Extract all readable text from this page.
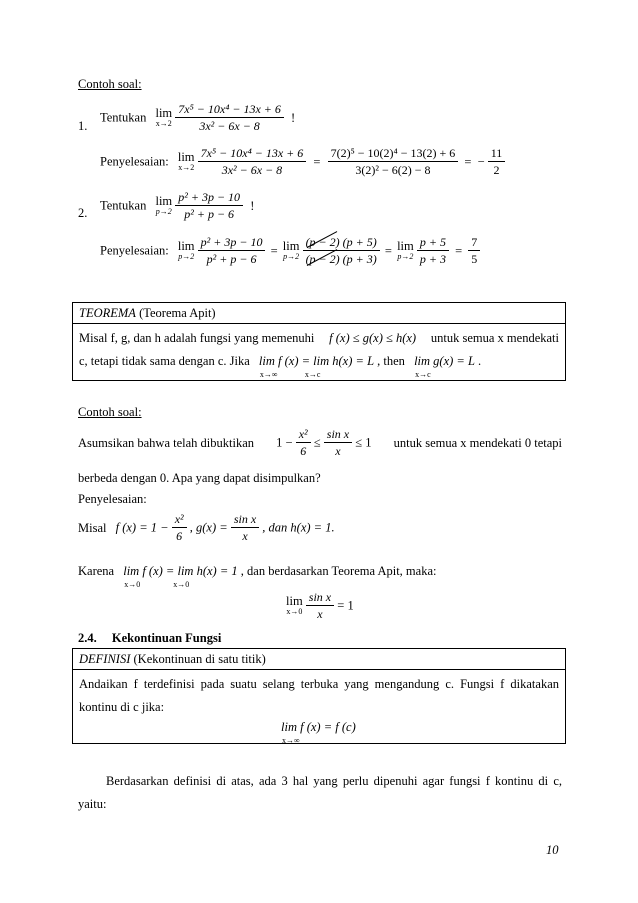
Contoh soal:
1.
Tentukan lim
x→2
$\frac{\text{7x⁵ − 10x⁴ − 13x + 6}}{\text{3x² − 6x − 8}}$ !
Penyelesaian: lim
x→2
$\frac{\text{7x⁵ − 10x⁴ − 13x + 6}}{\text{3x² − 6x − 8}} = \frac{\text{7(2)⁵ − 10(2)⁴ − 13(2) + 6}}{\text{3(2)² − 6(2) − 8}}$ = − $\frac{11}{2}$
2.
Tentukan lim
p→2
$\frac{\text{p² + 3p − 10}}{\text{p² + p − 6}}$ !
Penyelesaian: lim
p→2
$\frac{\text{p² + 3p − 10}}{\text{p² + p − 6}} = \lim$
p→2
$\frac{(p - 2) (p + 5)}{(p - 2) (p + 3)} = \lim$
p→2
$\frac{p + 5}{p + 3} = \frac{7}{5}$
TEOREMA (Teorema Apit)
Misal f, g, dan h adalah fungsi yang memenuhi f (x) ≤ g(x) ≤ h(x) untuk semua x mendekati
c, tetapi tidak sama dengan c. Jika lim f (x) = lim h(x) = L
x→∞	x→c
, then lim g(x) = L
x→c
.
Contoh soal:
Asumsikan bahwa telah dibuktikan $1 - \frac{\text{x²}}{6} \le \frac{\text{sin x}}{x} \le 1$ untuk semua x mendekati 0 tetapi
berbeda dengan 0. Apa yang dapat disimpulkan?
Penyelesaian:
Misal f $(x) = 1 - \frac{\text{x²}}{6}$ , $g(x) = \frac{\text{sin x}}{x}$ , dan h(x) = 1.
Karena lim f (x) = lim h(x) = 1
x→0	x→0
, dan berdasarkan Teorema Apit, maka:
lim
x→0
$\frac{\text{sin x}}{x} = 1$
2.4. Kekontinuan Fungsi
DEFINISI (Kekontinuan di satu titik)
Andaikan f terdefinisi pada suatu selang terbuka yang mengandung c. Fungsi f dikatakan
kontinu di c jika:
lim f (x) = f (c)
x→∞
Berdasarkan definisi di atas, ada 3 hal yang perlu dipenuhi agar fungsi f kontinu di c,
yaitu:
10
